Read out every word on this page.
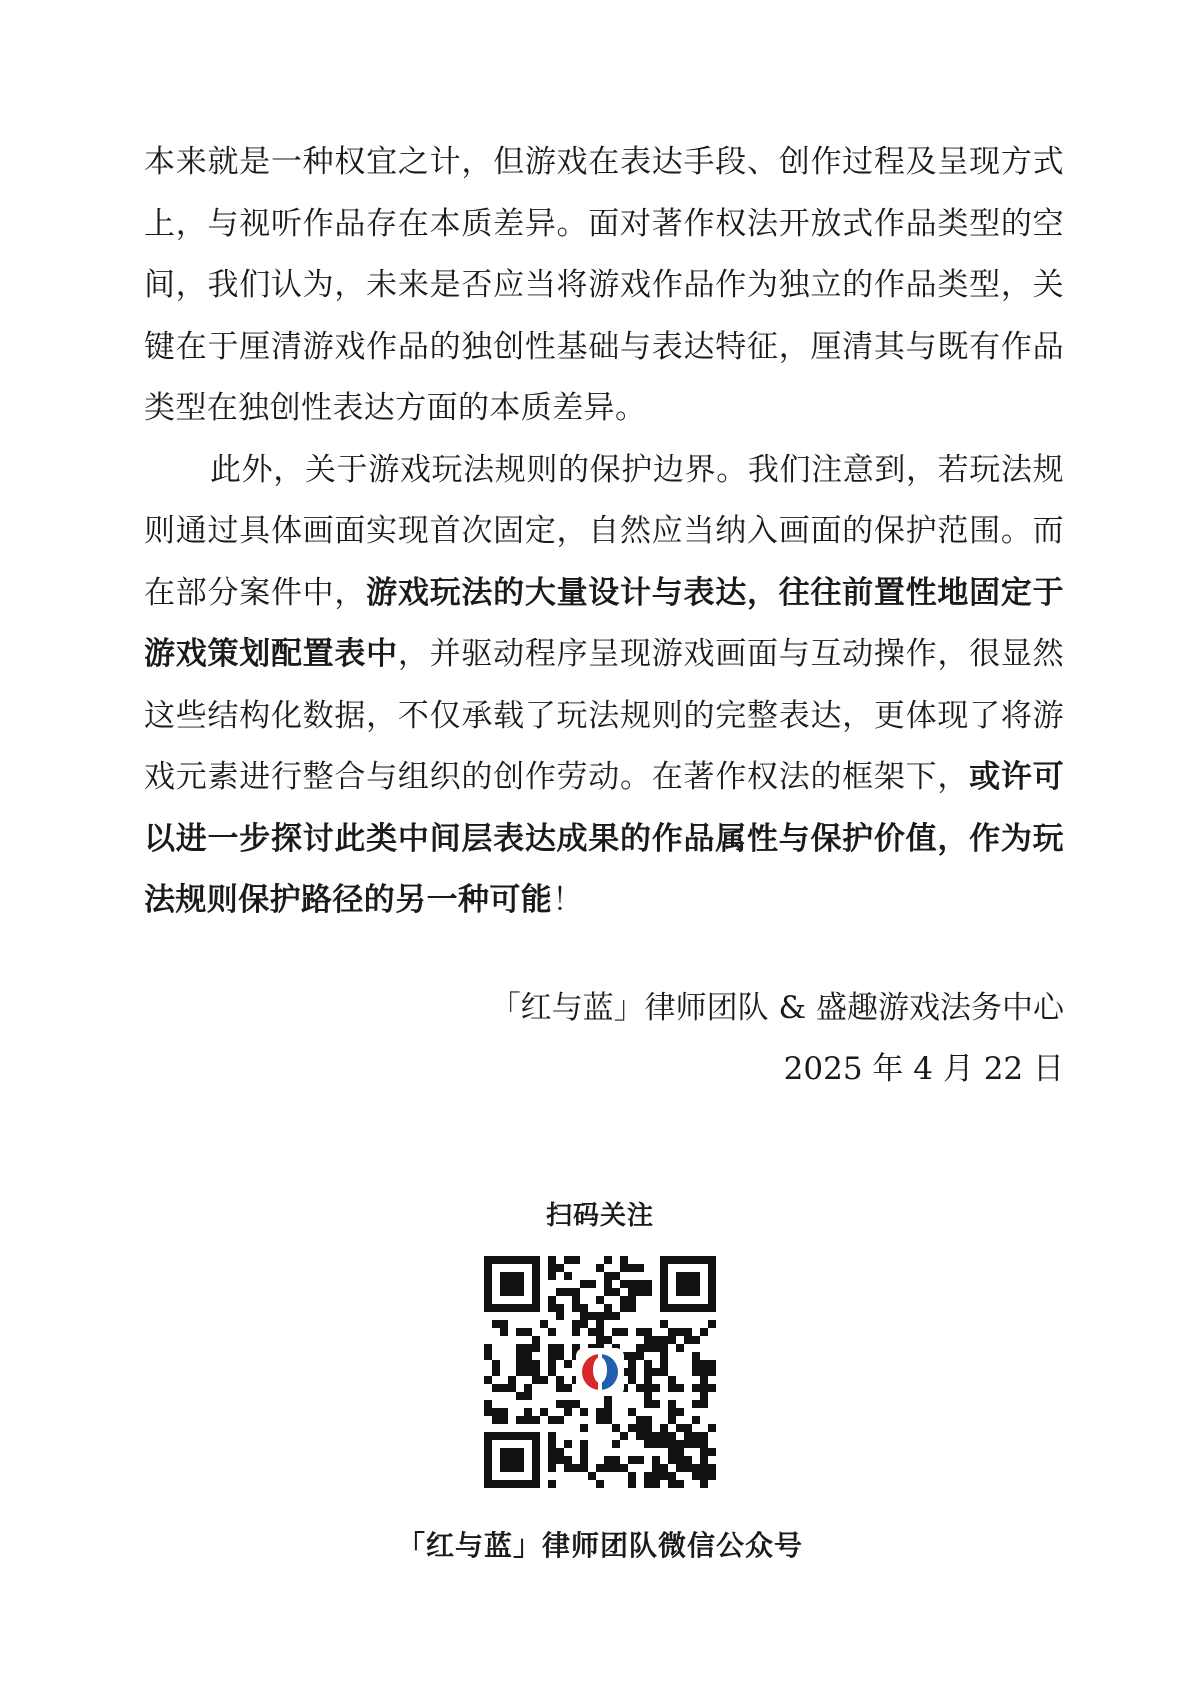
本来就是一种权宜之计，但游戏在表达手段、创作过程及呈现方式上，与视听作品存在本质差异。面对著作权法开放式作品类型的空间，我们认为，未来是否应当将游戏作品作为独立的作品类型，关键在于厘清游戏作品的独创性基础与表达特征，厘清其与既有作品类型在独创性表达方面的本质差异。

此外，关于游戏玩法规则的保护边界。我们注意到，若玩法规则通过具体画面实现首次固定，自然应当纳入画面的保护范围。而在部分案件中，游戏玩法的大量设计与表达，往往前置性地固定于游戏策划配置表中，并驱动程序呈现游戏画面与互动操作，很显然这些结构化数据，不仅承载了玩法规则的完整表达，更体现了将游戏元素进行整合与组织的创作劳动。在著作权法的框架下，或许可以进一步探讨此类中间层表达成果的作品属性与保护价值，作为玩法规则保护路径的另一种可能！

「红与蓝」律师团队 & 盛趣游戏法务中心
2025 年 4 月 22 日
扫码关注
「红与蓝」律师团队微信公众号
